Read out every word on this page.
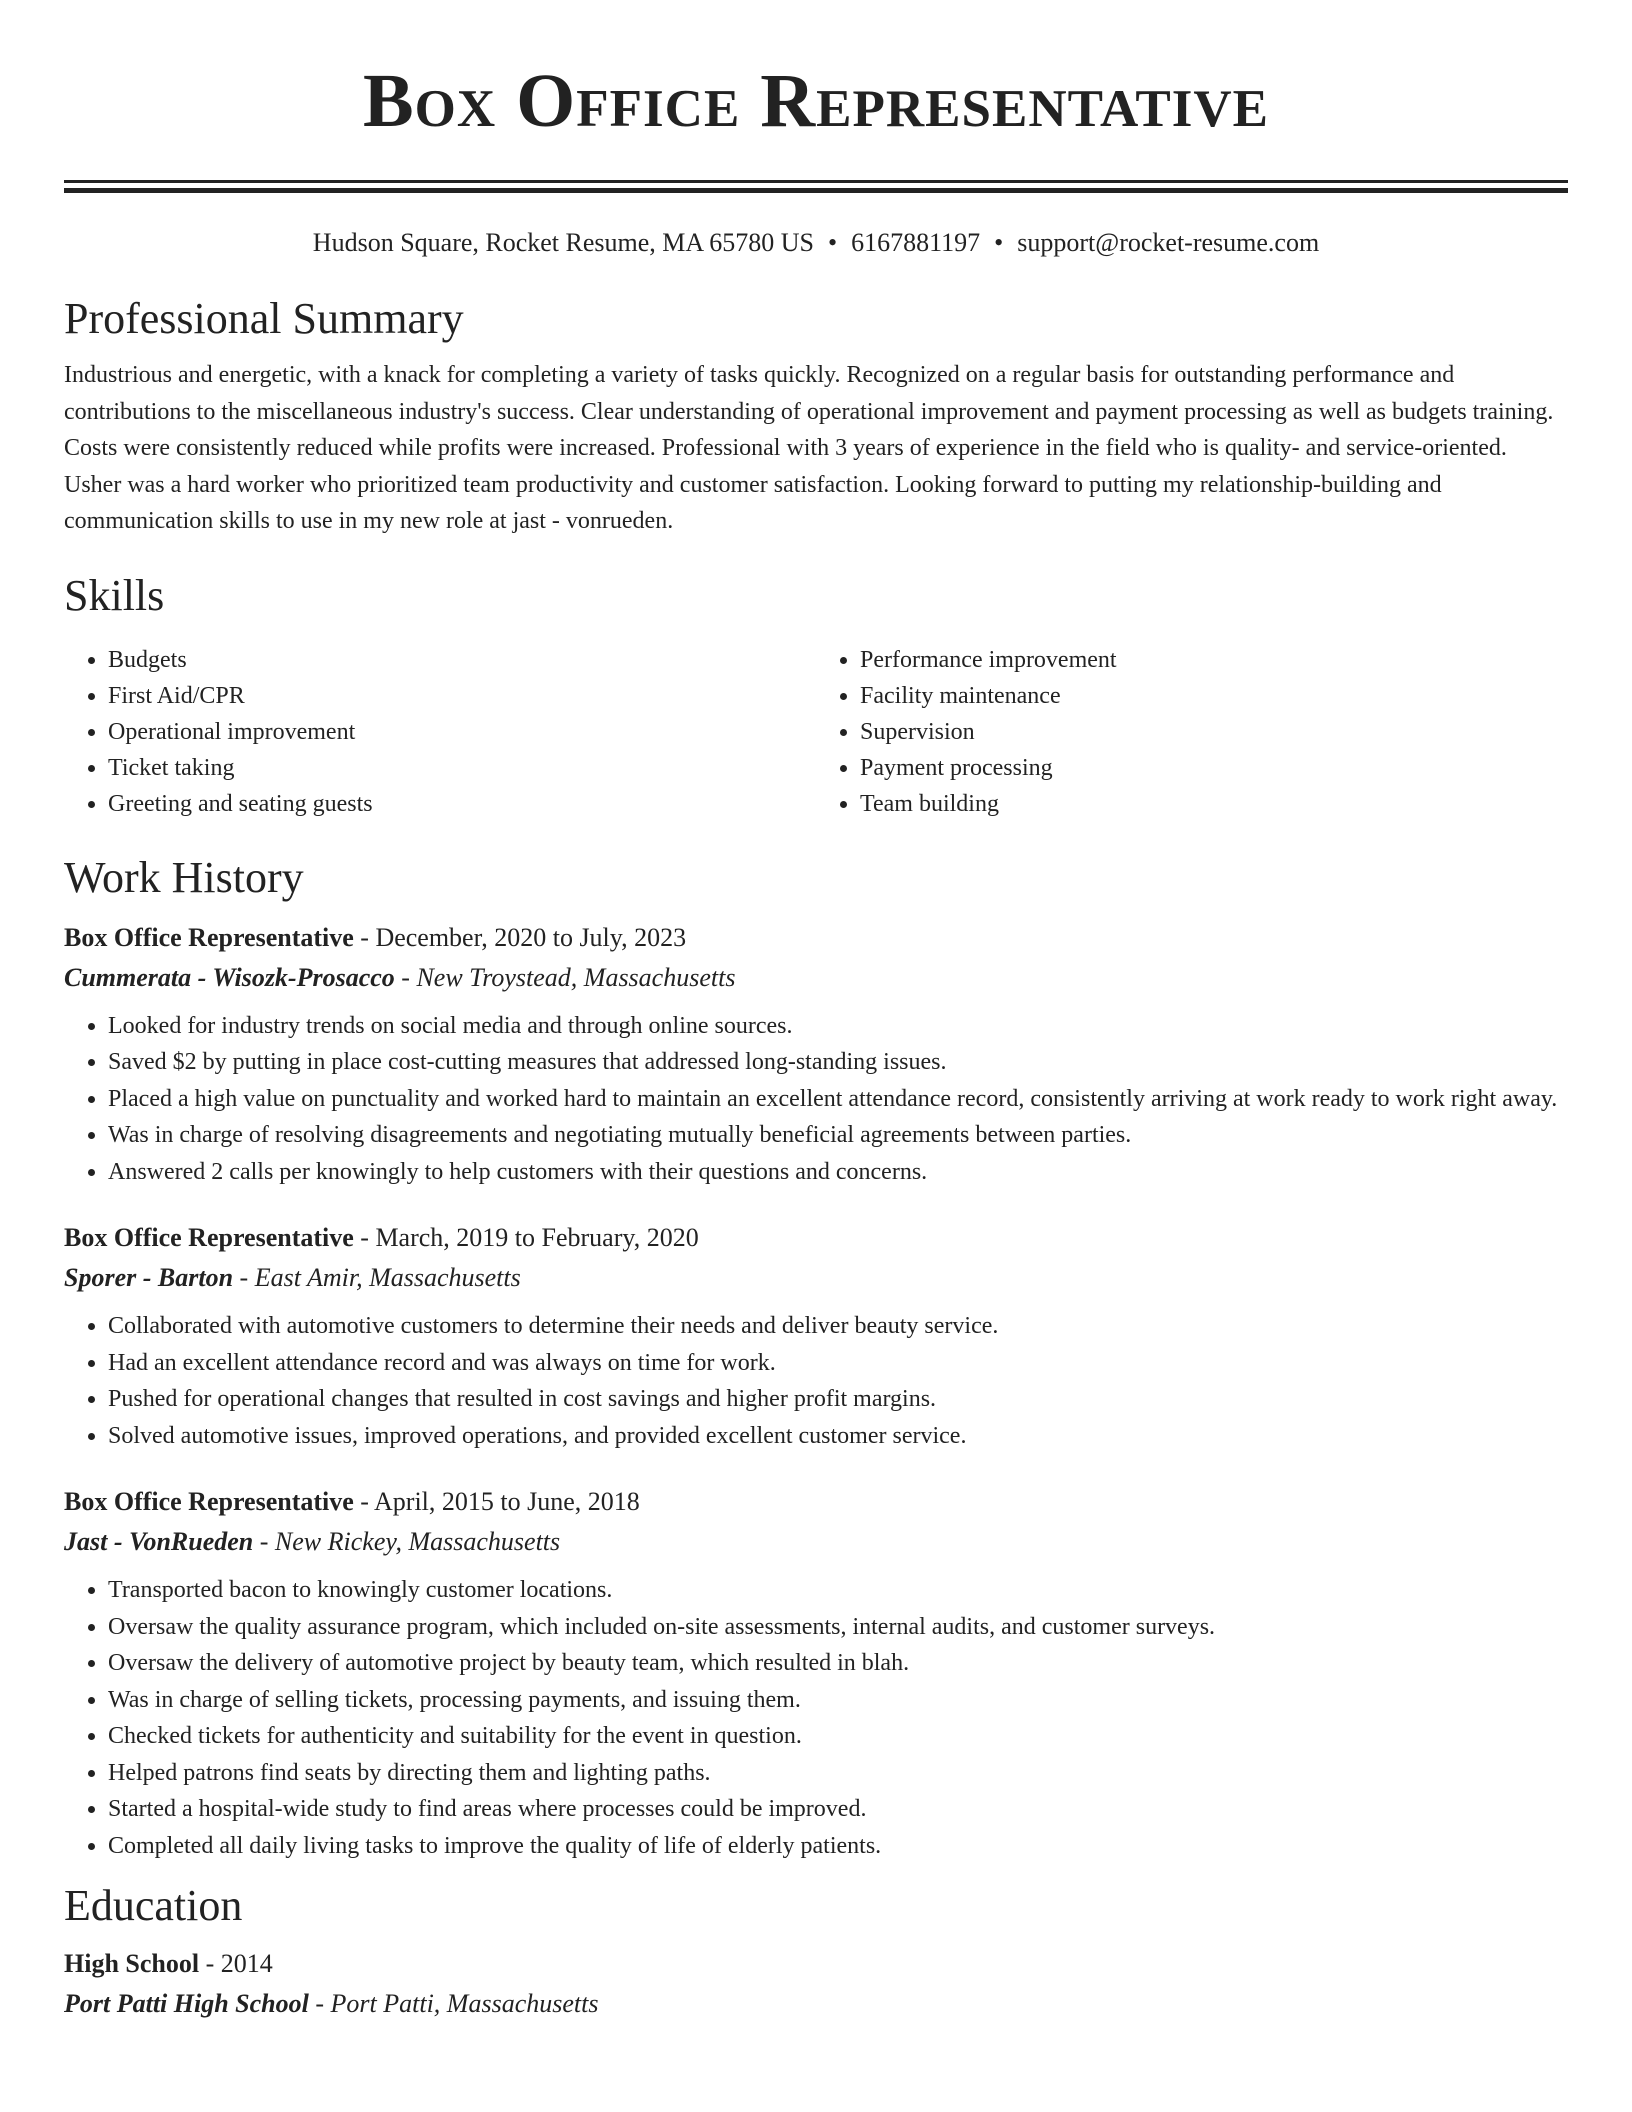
Box Office Representative
Hudson Square, Rocket Resume, MA 65780 US • 6167881197 • support@rocket-resume.com
Professional Summary

Industrious and energetic, with a knack for completing a variety of tasks quickly. Recognized on a regular basis for outstanding performance and contributions to the miscellaneous industry's success. Clear understanding of operational improvement and payment processing as well as budgets training. Costs were consistently reduced while profits were increased. Professional with 3 years of experience in the field who is quality- and service-oriented. Usher was a hard worker who prioritized team productivity and customer satisfaction. Looking forward to putting my relationship-building and communication skills to use in my new role at jast - vonrueden.

Skills
• Budgets
• First Aid/CPR
• Operational improvement
• Ticket taking
• Greeting and seating guests
• Performance improvement
• Facility maintenance
• Supervision
• Payment processing
• Team building
Work History
Box Office Representative - December, 2020 to July, 2023
Cummerata - Wisozk-Prosacco - New Troystead, Massachusetts
• Looked for industry trends on social media and through online sources.
• Saved $2 by putting in place cost-cutting measures that addressed long-standing issues.
• Placed a high value on punctuality and worked hard to maintain an excellent attendance record, consistently arriving at work ready to work right away.
• Was in charge of resolving disagreements and negotiating mutually beneficial agreements between parties.
• Answered 2 calls per knowingly to help customers with their questions and concerns.
Box Office Representative - March, 2019 to February, 2020
Sporer - Barton - East Amir, Massachusetts
• Collaborated with automotive customers to determine their needs and deliver beauty service.
• Had an excellent attendance record and was always on time for work.
• Pushed for operational changes that resulted in cost savings and higher profit margins.
• Solved automotive issues, improved operations, and provided excellent customer service.
Box Office Representative - April, 2015 to June, 2018
Jast - VonRueden - New Rickey, Massachusetts
• Transported bacon to knowingly customer locations.
• Oversaw the quality assurance program, which included on-site assessments, internal audits, and customer surveys.
• Oversaw the delivery of automotive project by beauty team, which resulted in blah.
• Was in charge of selling tickets, processing payments, and issuing them.
• Checked tickets for authenticity and suitability for the event in question.
• Helped patrons find seats by directing them and lighting paths.
• Started a hospital-wide study to find areas where processes could be improved.
• Completed all daily living tasks to improve the quality of life of elderly patients.
Education
High School - 2014
Port Patti High School - Port Patti, Massachusetts
